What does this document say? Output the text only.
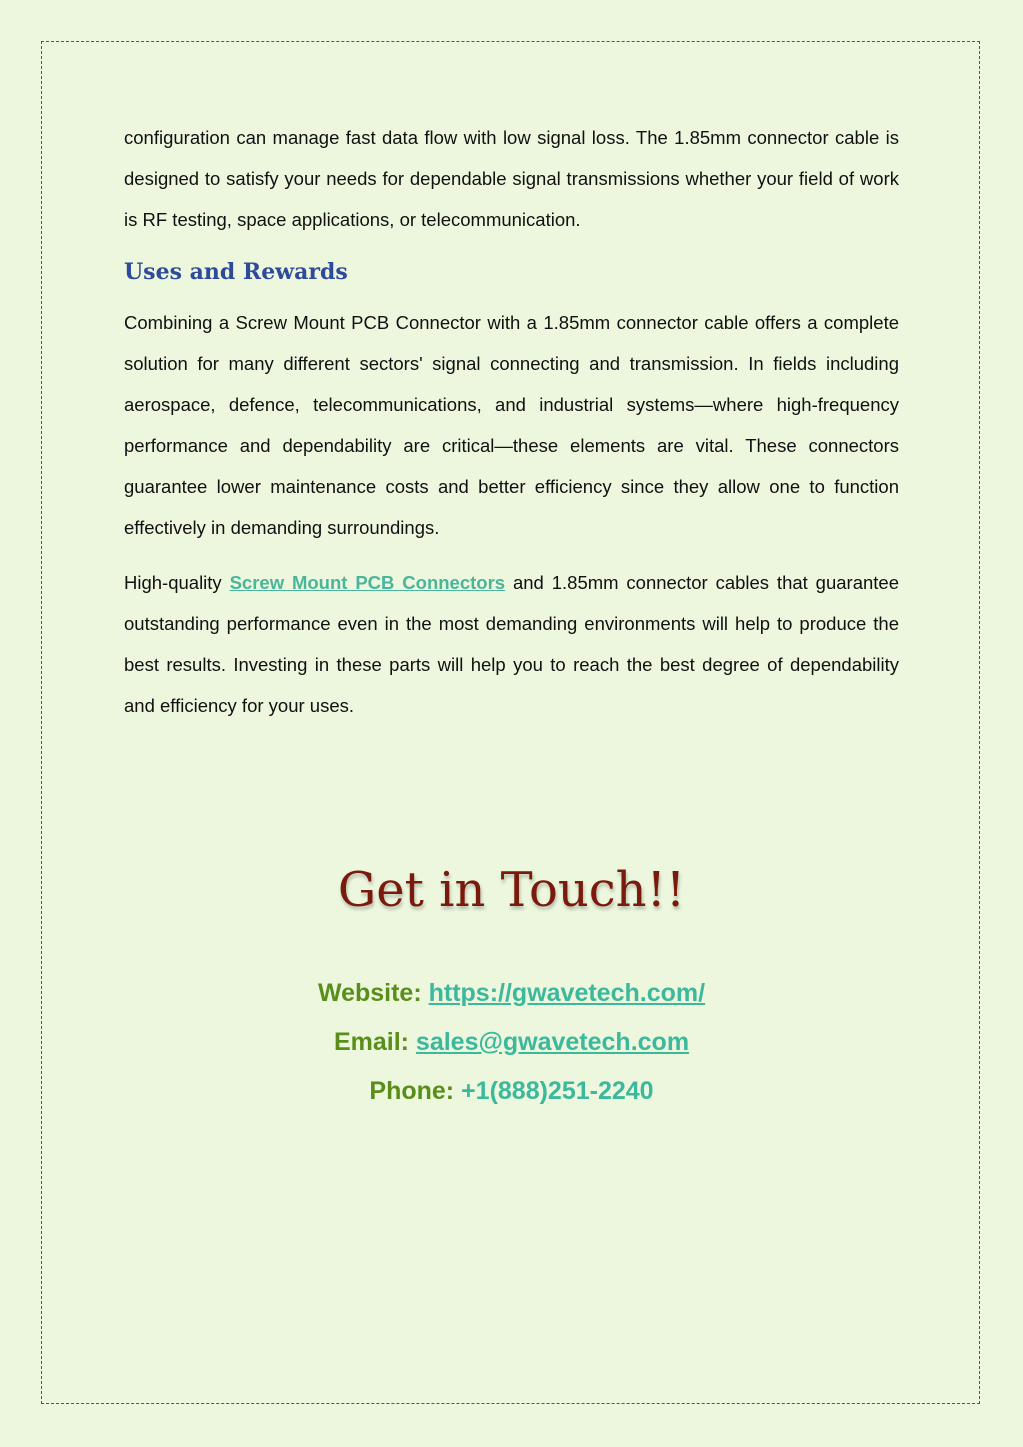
configuration can manage fast data flow with low signal loss. The 1.85mm connector cable is designed to satisfy your needs for dependable signal transmissions whether your field of work is RF testing, space applications, or telecommunication.

Uses and Rewards

Combining a Screw Mount PCB Connector with a 1.85mm connector cable offers a complete solution for many different sectors' signal connecting and transmission. In fields including aerospace, defence, telecommunications, and industrial systems—where high-frequency performance and dependability are critical—these elements are vital. These connectors guarantee lower maintenance costs and better efficiency since they allow one to function effectively in demanding surroundings.

High-quality Screw Mount PCB Connectors and 1.85mm connector cables that guarantee outstanding performance even in the most demanding environments will help to produce the best results. Investing in these parts will help you to reach the best degree of dependability and efficiency for your uses.

Get in Touch!!
Website: https://gwavetech.com/
Email: sales@gwavetech.com
Phone: +1(888)251-2240
